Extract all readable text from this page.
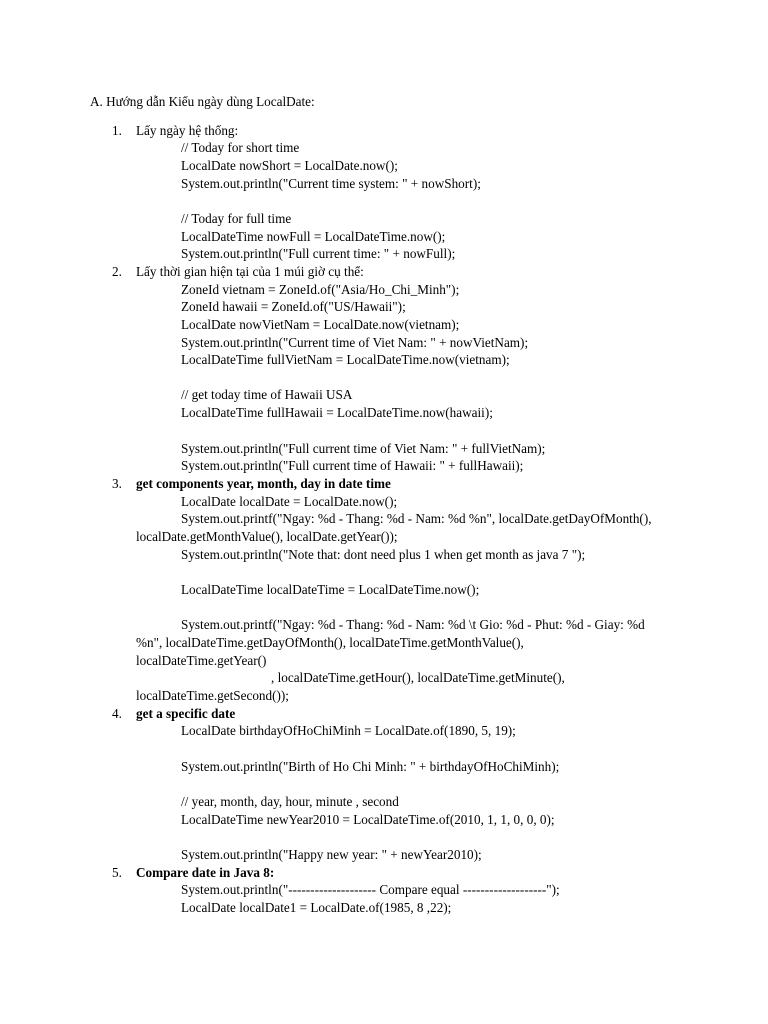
A. Hướng dẫn Kiểu ngày dùng LocalDate:
1. Lấy ngày hệ thống:
// Today for short time
LocalDate nowShort = LocalDate.now();
System.out.println("Current time system: " + nowShort);
// Today for full time
LocalDateTime nowFull = LocalDateTime.now();
System.out.println("Full current time: " + nowFull);
2. Lấy thời gian hiện tại của 1 múi giờ cụ thể:
ZoneId vietnam = ZoneId.of("Asia/Ho_Chi_Minh");
ZoneId hawaii = ZoneId.of("US/Hawaii");
LocalDate nowVietNam = LocalDate.now(vietnam);
System.out.println("Current time of Viet Nam: " + nowVietNam);
LocalDateTime fullVietNam = LocalDateTime.now(vietnam);
// get today time of Hawaii USA
LocalDateTime fullHawaii = LocalDateTime.now(hawaii);
System.out.println("Full current time of Viet Nam: " + fullVietNam);
System.out.println("Full current time of Hawaii: " + fullHawaii);
3. get components year, month, day in date time
LocalDate localDate = LocalDate.now();
System.out.printf("Ngay: %d - Thang: %d - Nam: %d %n", localDate.getDayOfMonth(),
localDate.getMonthValue(), localDate.getYear());
System.out.println("Note that: dont need plus 1 when get month as java 7 ");
LocalDateTime localDateTime = LocalDateTime.now();
System.out.printf("Ngay: %d - Thang: %d - Nam: %d \t Gio: %d - Phut: %d - Giay: %d
%n", localDateTime.getDayOfMonth(), localDateTime.getMonthValue(),
localDateTime.getYear()
, localDateTime.getHour(), localDateTime.getMinute(),
localDateTime.getSecond());
4. get a specific date
LocalDate birthdayOfHoChiMinh = LocalDate.of(1890, 5, 19);
System.out.println("Birth of Ho Chi Minh: " + birthdayOfHoChiMinh);
// year, month, day, hour, minute , second
LocalDateTime newYear2010 = LocalDateTime.of(2010, 1, 1, 0, 0, 0);
System.out.println("Happy new year: " + newYear2010);
5. Compare date in Java 8:
System.out.println("-------------------- Compare equal -------------------");
LocalDate localDate1 = LocalDate.of(1985, 8 ,22);
